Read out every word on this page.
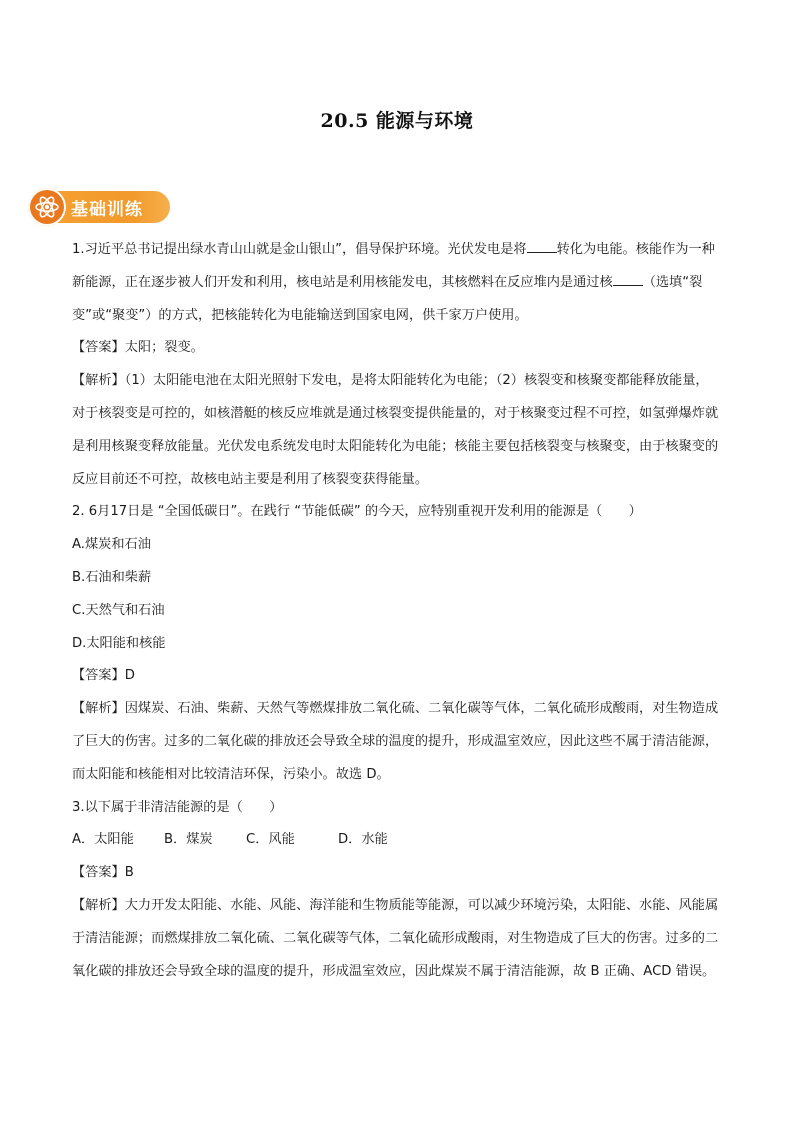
20.5 能源与环境
基础训练

1.习近平总书记提出绿水青山山就是金山银山”，倡导保护环境。光伏发电是将 转化为电能。核能作为一种新能源，正在逐步被人们开发和利用，核电站是利用核能发电，其核燃料在反应堆内是通过核 （选填“裂变”或“聚变”）的方式，把核能转化为电能输送到国家电网，供千家万户使用。

【答案】太阳；裂变。

【解析】（1）太阳能电池在太阳光照射下发电，是将太阳能转化为电能；（2）核裂变和核聚变都能释放能量，对于核裂变是可控的，如核潜艇的核反应堆就是通过核裂变提供能量的，对于核聚变过程不可控，如氢弹爆炸就是利用核聚变释放能量。光伏发电系统发电时太阳能转化为电能；核能主要包括核裂变与核聚变，由于核聚变的反应目前还不可控，故核电站主要是利用了核裂变获得能量。

2. 6月17日是 “全国低碳日”。在践行 “节能低碳” 的今天，应特别重视开发利用的能源是（　　）

A.煤炭和石油

B.石油和柴薪

C.天然气和石油

D.太阳能和核能

【答案】D

【解析】因煤炭、石油、柴薪、天然气等燃煤排放二氧化硫、二氧化碳等气体，二氧化硫形成酸雨，对生物造成了巨大的伤害。过多的二氧化碳的排放还会导致全球的温度的提升，形成温室效应，因此这些不属于清洁能源，而太阳能和核能相对比较清洁环保，污染小。故选 D。

3.以下属于非清洁能源的是（　　）

A．太阳能 B．煤炭	C．风能	D．水能

【答案】B

【解析】大力开发太阳能、水能、风能、海洋能和生物质能等能源，可以减少环境污染，太阳能、水能、风能属于清洁能源；而燃煤排放二氧化硫、二氧化碳等气体，二氧化硫形成酸雨，对生物造成了巨大的伤害。过多的二氧化碳的排放还会导致全球的温度的提升，形成温室效应，因此煤炭不属于清洁能源，故 B 正确、ACD 错误。
